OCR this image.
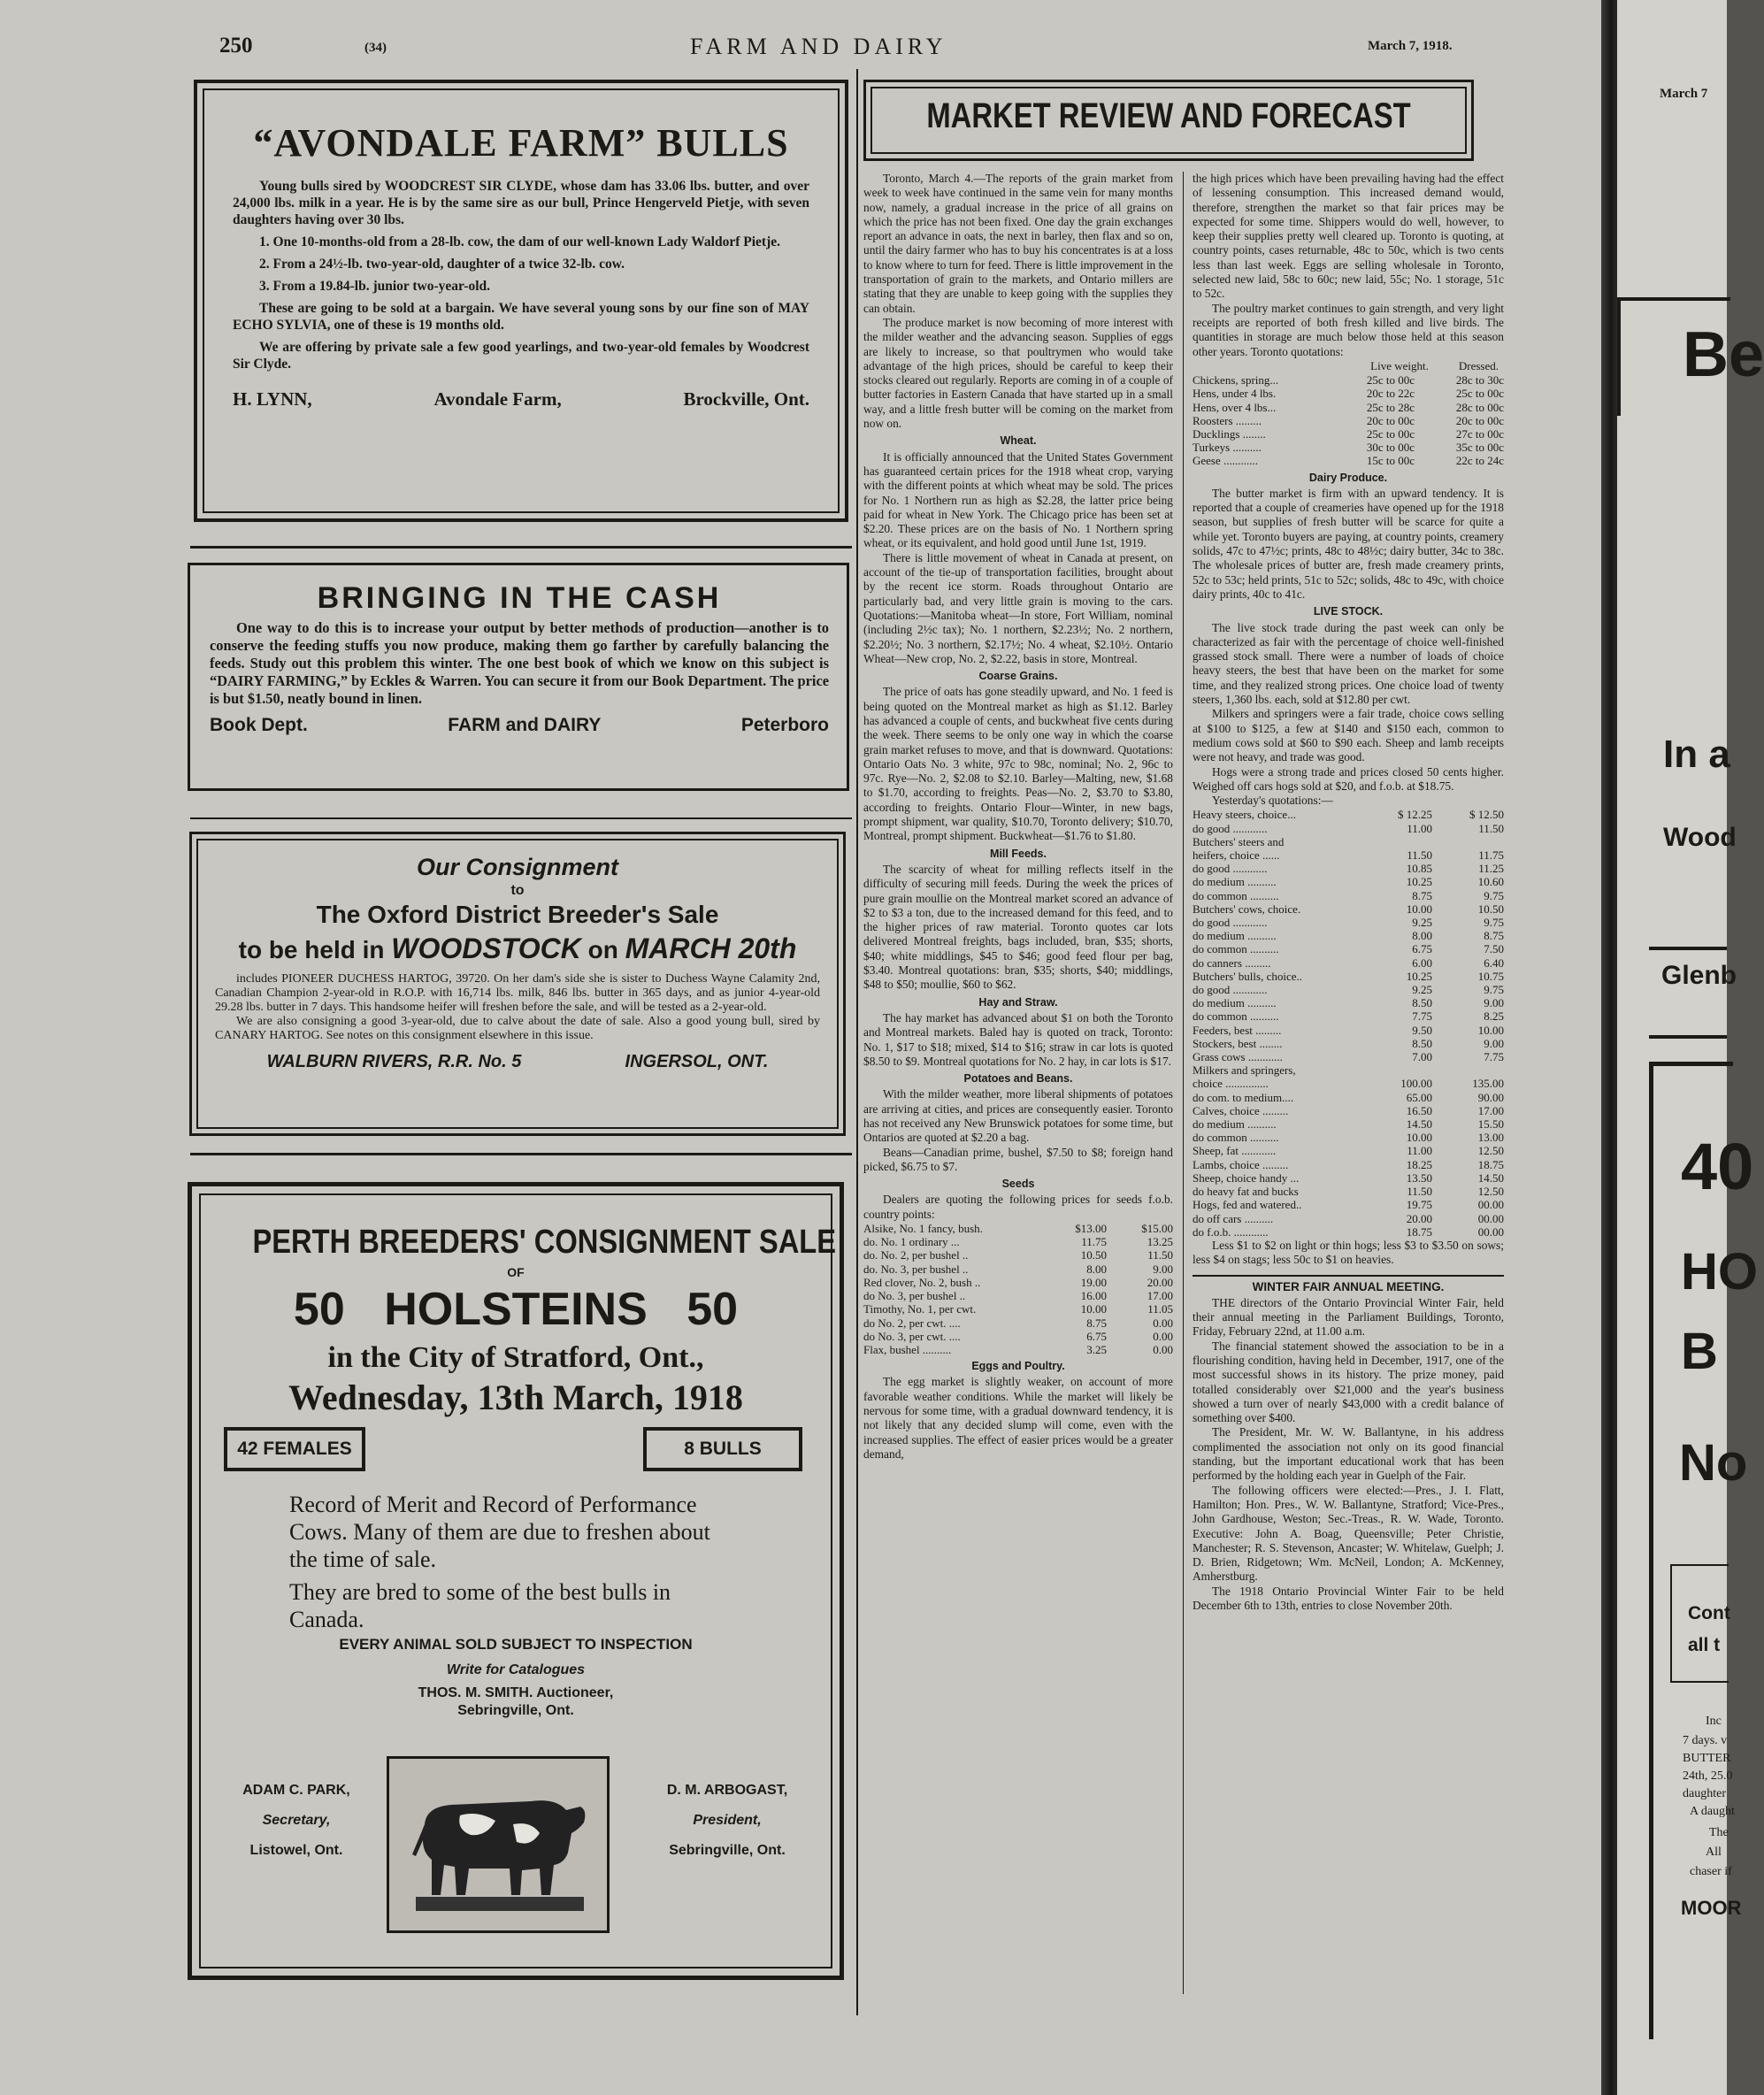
250	(34)	FARM AND DAIRY	March 7, 1918.
“AVONDALE FARM” BULLS

Young bulls sired by WOODCREST SIR CLYDE, whose dam has 33.06 lbs. butter, and over 24,000 lbs. milk in a year. He is by the same sire as our bull, Prince Hengerveld Pietje, with seven daughters having over 30 lbs.

1. One 10-months-old from a 28-lb. cow, the dam of our well-known Lady Waldorf Pietje.

2. From a 24½-lb. two-year-old, daughter of a twice 32-lb. cow.

3. From a 19.84-lb. junior two-year-old.

These are going to be sold at a bargain. We have several young sons by our fine son of MAY ECHO SYLVIA, one of these is 19 months old.

We are offering by private sale a few good yearlings, and two-year-old females by Woodcrest Sir Clyde.

H. LYNN,	Avondale Farm,	Brockville, Ont.
BRINGING IN THE CASH

One way to do this is to increase your output by better methods of production—another is to conserve the feeding stuffs you now produce, making them go farther by carefully balancing the feeds. Study out this problem this winter. The one best book of which we know on this subject is “DAIRY FARMING,” by Eckles & Warren. You can secure it from our Book Department. The price is but $1.50, neatly bound in linen.

Book Dept.	FARM and DAIRY	Peterboro
Our Consignment
to
The Oxford District Breeder's Sale
to be held in WOODSTOCK on MARCH 20th

includes PIONEER DUCHESS HARTOG, 39720. On her dam's side she is sister to Duchess Wayne Calamity 2nd, Canadian Champion 2-year-old in R.O.P. with 16,714 lbs. milk, 846 lbs. butter in 365 days, and as junior 4-year-old 29.28 lbs. butter in 7 days. This handsome heifer will freshen before the sale, and will be tested as a 2-year-old.

We are also consigning a good 3-year-old, due to calve about the date of sale. Also a good young bull, sired by CANARY HARTOG. See notes on this consignment elsewhere in this issue.

WALBURN RIVERS, R.R. No. 5	INGERSOL, ONT.
PERTH BREEDERS' CONSIGNMENT SALE
OF
50 HOLSTEINS 50
in the City of Stratford, Ont.,
Wednesday, 13th March, 1918
42 FEMALES	8 BULLS

Record of Merit and Record of Performance Cows. Many of them are due to freshen about the time of sale.

They are bred to some of the best bulls in Canada.

EVERY ANIMAL SOLD SUBJECT TO INSPECTION
Write for Catalogues
THOS. M. SMITH. Auctioneer,
Sebringville, Ont.
ADAM C. PARK,
Secretary,
Listowel, Ont.
D. M. ARBOGAST,
President,
Sebringville, Ont.
MARKET REVIEW AND FORECAST

Toronto, March 4.—The reports of the grain market from week to week have continued in the same vein for many months now, namely, a gradual increase in the price of all grains on which the price has not been fixed. One day the grain exchanges report an advance in oats, the next in barley, then flax and so on, until the dairy farmer who has to buy his concentrates is at a loss to know where to turn for feed. There is little improvement in the transportation of grain to the markets, and Ontario millers are stating that they are unable to keep going with the supplies they can obtain.

The produce market is now becoming of more interest with the milder weather and the advancing season. Supplies of eggs are likely to increase, so that poultrymen who would take advantage of the high prices, should be careful to keep their stocks cleared out regularly. Reports are coming in of a couple of butter factories in Eastern Canada that have started up in a small way, and a little fresh butter will be coming on the market from now on.

Wheat.

It is officially announced that the United States Government has guaranteed certain prices for the 1918 wheat crop, varying with the different points at which wheat may be sold. The prices for No. 1 Northern run as high as $2.28, the latter price being paid for wheat in New York. The Chicago price has been set at $2.20. These prices are on the basis of No. 1 Northern spring wheat, or its equivalent, and hold good until June 1st, 1919.

There is little movement of wheat in Canada at present, on account of the tie-up of transportation facilities, brought about by the recent ice storm. Roads throughout Ontario are particularly bad, and very little grain is moving to the cars. Quotations:—Manitoba wheat—In store, Fort William, nominal (including 2½c tax); No. 1 northern, $2.23½; No. 2 northern, $2.20½; No. 3 northern, $2.17½; No. 4 wheat, $2.10½. Ontario Wheat—New crop, No. 2, $2.22, basis in store, Montreal.

Coarse Grains.

The price of oats has gone steadily upward, and No. 1 feed is being quoted on the Montreal market as high as $1.12. Barley has advanced a couple of cents, and buckwheat five cents during the week. There seems to be only one way in which the coarse grain market refuses to move, and that is downward. Quotations: Ontario Oats No. 3 white, 97c to 98c, nominal; No. 2, 96c to 97c. Rye—No. 2, $2.08 to $2.10. Barley—Malting, new, $1.68 to $1.70, according to freights. Peas—No. 2, $3.70 to $3.80, according to freights. Ontario Flour—Winter, in new bags, prompt shipment, war quality, $10.70, Toronto delivery; $10.70, Montreal, prompt shipment. Buckwheat—$1.76 to $1.80.

Mill Feeds.

The scarcity of wheat for milling reflects itself in the difficulty of securing mill feeds. During the week the prices of pure grain moullie on the Montreal market scored an advance of $2 to $3 a ton, due to the increased demand for this feed, and to the higher prices of raw material. Toronto quotes car lots delivered Montreal freights, bags included, bran, $35; shorts, $40; white middlings, $45 to $46; good feed flour per bag, $3.40. Montreal quotations: bran, $35; shorts, $40; middlings, $48 to $50; moullie, $60 to $62.

Hay and Straw.

The hay market has advanced about $1 on both the Toronto and Montreal markets. Baled hay is quoted on track, Toronto: No. 1, $17 to $18; mixed, $14 to $16; straw in car lots is quoted $8.50 to $9. Montreal quotations for No. 2 hay, in car lots is $17.

Potatoes and Beans.

With the milder weather, more liberal shipments of potatoes are arriving at cities, and prices are consequently easier. Toronto has not received any New Brunswick potatoes for some time, but Ontarios are quoted at $2.20 a bag.

Beans—Canadian prime, bushel, $7.50 to $8; foreign hand picked, $6.75 to $7.

Seeds

Dealers are quoting the following prices for seeds f.o.b. country points:

Alsike, No. 1 fancy, bush.	$13.00	$15.00
do. No. 1 ordinary ...	11.75	13.25
do. No. 2, per bushel ..	10.50	11.50
do. No. 3, per bushel ..	8.00	9.00
Red clover, No. 2, bush ..	19.00	20.00
do No. 3, per bushel ..	16.00	17.00
Timothy, No. 1, per cwt.	10.00	11.05
do No. 2, per cwt. ....	8.75	0.00
do No. 3, per cwt. ....	6.75	0.00
Flax, bushel ..........	3.25	0.00
Eggs and Poultry.

The egg market is slightly weaker, on account of more favorable weather conditions. While the market will likely be nervous for some time, with a gradual downward tendency, it is not likely that any decided slump will come, even with the increased supplies. The effect of easier prices would be a greater demand,

the high prices which have been prevailing having had the effect of lessening consumption. This increased demand would, therefore, strengthen the market so that fair prices may be expected for some time. Shippers would do well, however, to keep their supplies pretty well cleared up. Toronto is quoting, at country points, cases returnable, 48c to 50c, which is two cents less than last week. Eggs are selling wholesale in Toronto, selected new laid, 58c to 60c; new laid, 55c; No. 1 storage, 51c to 52c.

The poultry market continues to gain strength, and very light receipts are reported of both fresh killed and live birds. The quantities in storage are much below those held at this season other years. Toronto quotations:

Live weight.	Dressed.
Chickens, spring...	25c to 00c	28c to 30c
Hens, under 4 lbs.	20c to 22c	25c to 00c
Hens, over 4 lbs...	25c to 28c	28c to 00c
Roosters .........	20c to 00c	20c to 00c
Ducklings ........	25c to 00c	27c to 00c
Turkeys ..........	30c to 00c	35c to 00c
Geese ............	15c to 00c	22c to 24c
Dairy Produce.

The butter market is firm with an upward tendency. It is reported that a couple of creameries have opened up for the 1918 season, but supplies of fresh butter will be scarce for quite a while yet. Toronto buyers are paying, at country points, creamery solids, 47c to 47½c; prints, 48c to 48½c; dairy butter, 34c to 38c. The wholesale prices of butter are, fresh made creamery prints, 52c to 53c; held prints, 51c to 52c; solids, 48c to 49c, with choice dairy prints, 40c to 41c.

LIVE STOCK.

The live stock trade during the past week can only be characterized as fair with the percentage of choice well-finished grassed stock small. There were a number of loads of choice heavy steers, the best that have been on the market for some time, and they realized strong prices. One choice load of twenty steers, 1,360 lbs. each, sold at $12.80 per cwt.

Milkers and springers were a fair trade, choice cows selling at $100 to $125, a few at $140 and $150 each, common to medium cows sold at $60 to $90 each. Sheep and lamb receipts were not heavy, and trade was good.

Hogs were a strong trade and prices closed 50 cents higher. Weighed off cars hogs sold at $20, and f.o.b. at $18.75.

Yesterday's quotations:—

Heavy steers, choice...	$ 12.25	$ 12.50
do good ............	11.00	11.50
Butchers' steers and		
heifers, choice ......	11.50	11.75
do good ............	10.85	11.25
do medium ..........	10.25	10.60
do common ..........	8.75	9.75
Butchers' cows, choice.	10.00	10.50
do good ............	9.25	9.75
do medium ..........	8.00	8.75
do common ..........	6.75	7.50
do canners .........	6.00	6.40
Butchers' bulls, choice..	10.25	10.75
do good ............	9.25	9.75
do medium ..........	8.50	9.00
do common ..........	7.75	8.25
Feeders, best .........	9.50	10.00
Stockers, best ........	8.50	9.00
Grass cows ............	7.00	7.75
Milkers and springers,		
choice ...............	100.00	135.00
do com. to medium....	65.00	90.00
Calves, choice .........	16.50	17.00
do medium ..........	14.50	15.50
do common ..........	10.00	13.00
Sheep, fat ............	11.00	12.50
Lambs, choice .........	18.25	18.75
Sheep, choice handy ...	13.50	14.50
do heavy fat and bucks	11.50	12.50
Hogs, fed and watered..	19.75	00.00
do off cars ..........	20.00	00.00
do f.o.b. ............	18.75	00.00

Less $1 to $2 on light or thin hogs; less $3 to $3.50 on sows; less $4 on stags; less 50c to $1 on heavies.

WINTER FAIR ANNUAL MEETING.

THE directors of the Ontario Provincial Winter Fair, held their annual meeting in the Parliament Buildings, Toronto, Friday, February 22nd, at 11.00 a.m.

The financial statement showed the association to be in a flourishing condition, having held in December, 1917, one of the most successful shows in its history. The prize money, paid totalled considerably over $21,000 and the year's business showed a turn over of nearly $43,000 with a credit balance of something over $400.

The President, Mr. W. W. Ballantyne, in his address complimented the association not only on its good financial standing, but the important educational work that has been performed by the holding each year in Guelph of the Fair.

The following officers were elected:—Pres., J. I. Flatt, Hamilton; Hon. Pres., W. W. Ballantyne, Stratford; Vice-Pres., John Gardhouse, Weston; Sec.-Treas., R. W. Wade, Toronto. Executive: John A. Boag, Queensville; Peter Christie, Manchester; R. S. Stevenson, Ancaster; W. Whitelaw, Guelph; J. D. Brien, Ridgetown; Wm. McNeil, London; A. McKenney, Amherstburg.

The 1918 Ontario Provincial Winter Fair to be held December 6th to 13th, entries to close November 20th.

March 7
Be
In a
Wood
Glenb
40
HO
B
No
Cont
all t
Inc
7 days. v
BUTTER
24th, 25.0
daughter
A daught
The
All
chaser if
MOOR
